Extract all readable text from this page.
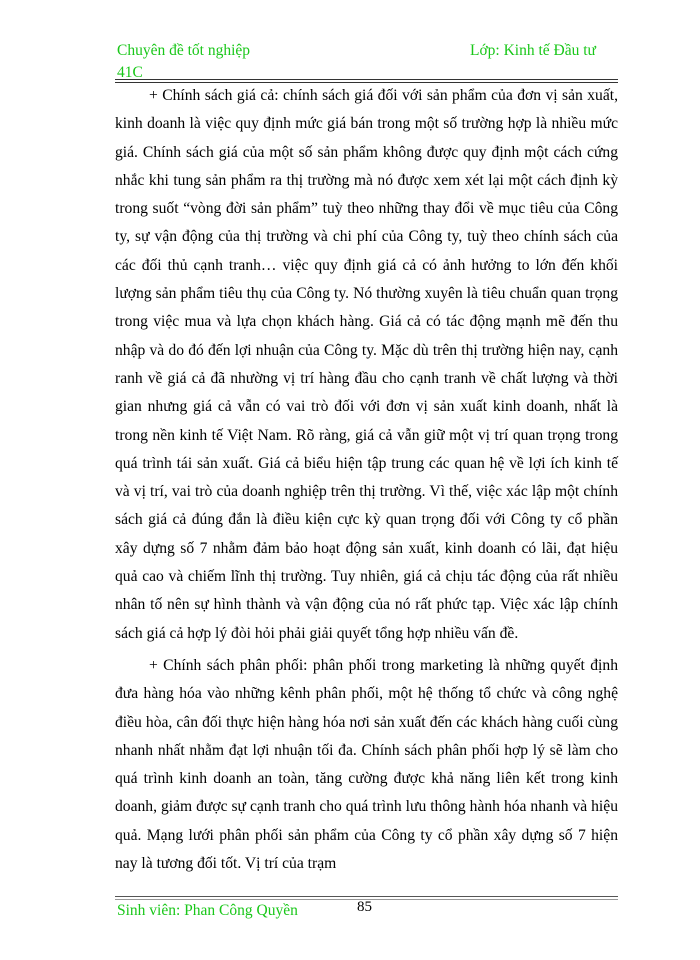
Chuyên đề tốt nghiệp
41C
Lớp: Kinh tế Đầu tư

+ Chính sách giá cả: chính sách giá đối với sản phẩm của đơn vị sản xuất, kinh doanh là việc quy định mức giá bán trong một số trường hợp là nhiều mức giá. Chính sách giá của một số sản phẩm không được quy định một cách cứng nhắc khi tung sản phẩm ra thị trường mà nó được xem xét lại một cách định kỳ trong suốt “vòng đời sản phẩm” tuỳ theo những thay đổi về mục tiêu của Công ty, sự vận động của thị trường và chi phí của Công ty, tuỳ theo chính sách của các đối thủ cạnh tranh… việc quy định giá cả có ảnh hưởng to lớn đến khối lượng sản phẩm tiêu thụ của Công ty. Nó thường xuyên là tiêu chuẩn quan trọng trong việc mua và lựa chọn khách hàng. Giá cả có tác động mạnh mẽ đến thu nhập và do đó đến lợi nhuận của Công ty. Mặc dù trên thị trường hiện nay, cạnh ranh về giá cả đã nhường vị trí hàng đầu cho cạnh tranh về chất lượng và thời gian nhưng giá cả vẫn có vai trò đối với đơn vị sản xuất kinh doanh, nhất là trong nền kinh tế Việt Nam. Rõ ràng, giá cả vẫn giữ một vị trí quan trọng trong quá trình tái sản xuất. Giá cả biểu hiện tập trung các quan hệ về lợi ích kinh tế và vị trí, vai trò của doanh nghiệp trên thị trường. Vì thế, việc xác lập một chính sách giá cả đúng đắn là điều kiện cực kỳ quan trọng đối với Công ty cổ phần xây dựng số 7 nhằm đảm bảo hoạt động sản xuất, kinh doanh có lãi, đạt hiệu quả cao và chiếm lĩnh thị trường. Tuy nhiên, giá cả chịu tác động của rất nhiều nhân tố nên sự hình thành và vận động của nó rất phức tạp. Việc xác lập chính sách giá cả hợp lý đòi hỏi phải giải quyết tổng hợp nhiều vấn đề.

+ Chính sách phân phối: phân phối trong marketing là những quyết định đưa hàng hóa vào những kênh phân phối, một hệ thống tổ chức và công nghệ điều hòa, cân đối thực hiện hàng hóa nơi sản xuất đến các khách hàng cuối cùng nhanh nhất nhằm đạt lợi nhuận tối đa. Chính sách phân phối hợp lý sẽ làm cho quá trình kinh doanh an toàn, tăng cường được khả năng liên kết trong kinh doanh, giảm được sự cạnh tranh cho quá trình lưu thông hành hóa nhanh và hiệu quả. Mạng lưới phân phối sản phẩm của Công ty cổ phần xây dựng số 7 hiện nay là tương đối tốt. Vị trí của trạm

Sinh viên: Phan Công Quyền	85
